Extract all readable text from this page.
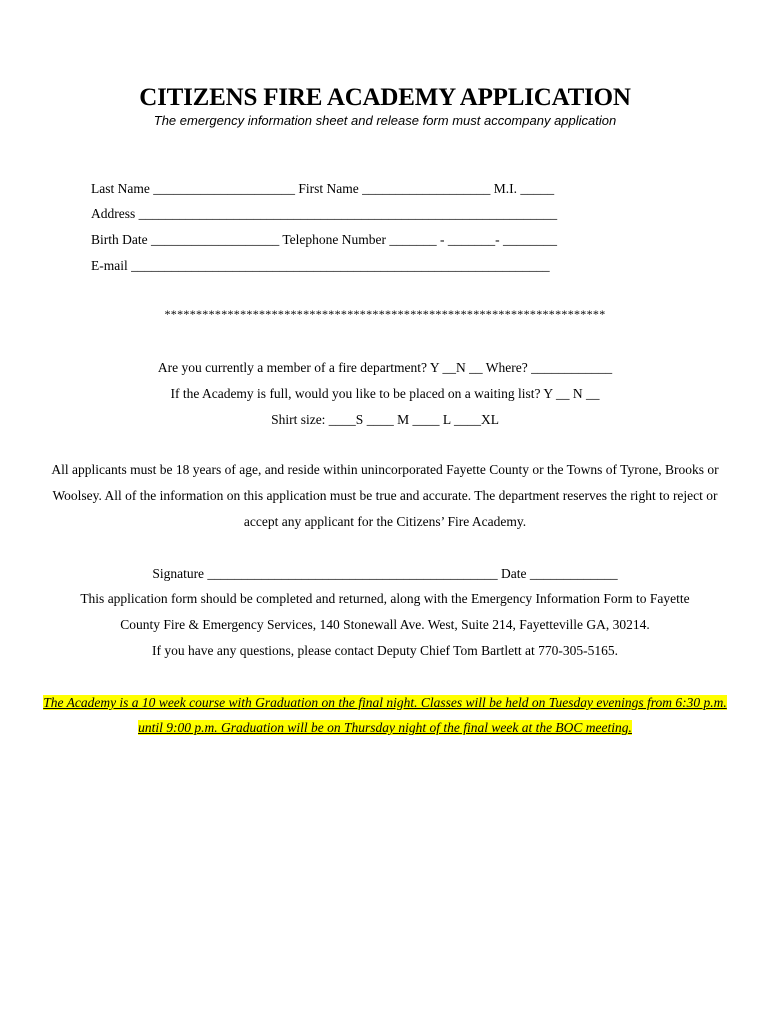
CITIZENS FIRE ACADEMY APPLICATION
The emergency information sheet and release form must accompany application
Last Name _____________________ First Name ___________________ M.I. _____
Address ______________________________________________________________
Birth Date ___________________ Telephone Number _______ - _______- ________
E-mail ______________________________________________________________
**********************************************************************
Are you currently a member of a fire department? Y __N __ Where? ____________
If the Academy is full, would you like to be placed on a waiting list? Y __ N __
Shirt size: ____S ____ M ____ L ____XL
All applicants must be 18 years of age, and reside within unincorporated Fayette County or the Towns of Tyrone, Brooks or Woolsey. All of the information on this application must be true and accurate. The department reserves the right to reject or accept any applicant for the Citizens’ Fire Academy.
Signature ___________________________________________ Date _____________
This application form should be completed and returned, along with the Emergency Information Form to Fayette
County Fire & Emergency Services, 140 Stonewall Ave. West, Suite 214, Fayetteville GA, 30214.
If you have any questions, please contact Deputy Chief Tom Bartlett at 770-305-5165.
The Academy is a 10 week course with Graduation on the final night. Classes will be held on Tuesday evenings from 6:30 p.m. until 9:00 p.m. Graduation will be on Thursday night of the final week at the BOC meeting.
